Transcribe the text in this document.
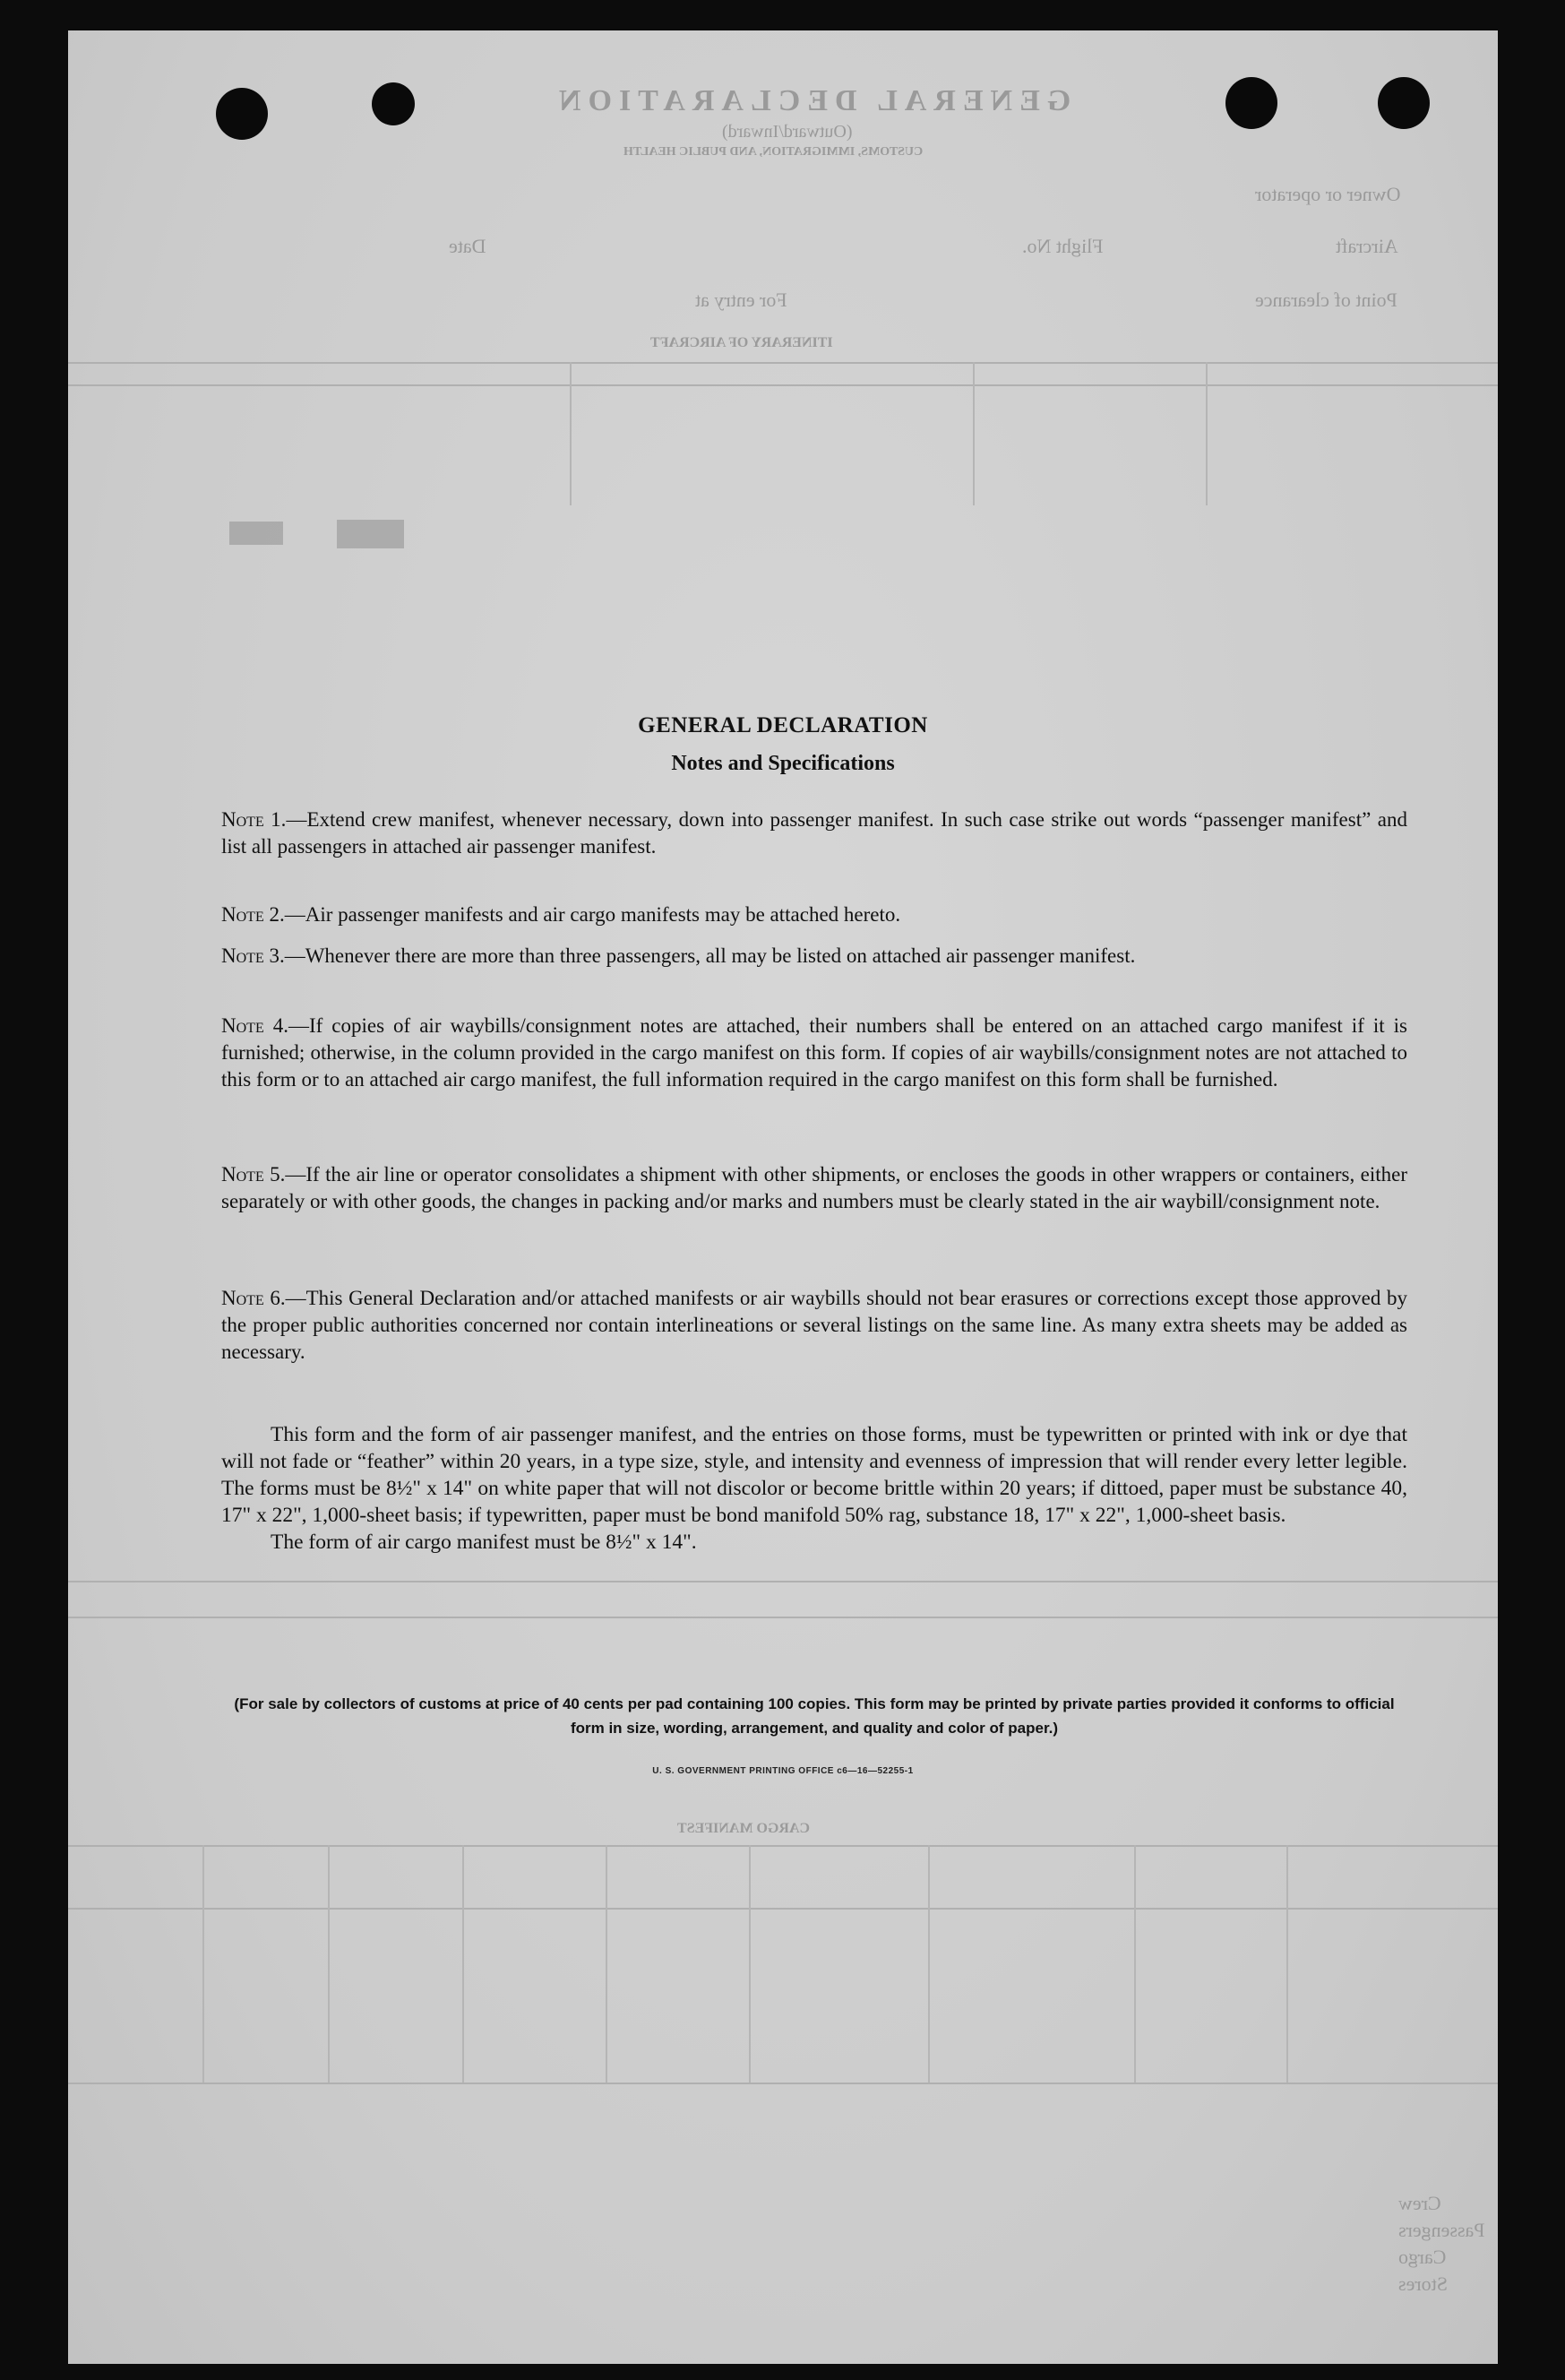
GENERAL DECLARATION
(Outward/Inward)
CUSTOMS, IMMIGRATION, AND PUBLIC HEALTH
Owner or operator
Aircraft
Flight No.
Date
Point of clearance
For entry at
ITINERARY OF AIRCRAFT
CARGO MANIFEST
Crew
Passengers
Cargo
Stores
GENERAL DECLARATION
Notes and Specifications
Note 1.—Extend crew manifest, whenever necessary, down into passenger manifest. In such case strike out words “passenger manifest” and list all passengers in attached air passenger manifest.
Note 2.—Air passenger manifests and air cargo manifests may be attached hereto.
Note 3.—Whenever there are more than three passengers, all may be listed on attached air passenger manifest.
Note 4.—If copies of air waybills/consignment notes are attached, their numbers shall be entered on an attached cargo manifest if it is furnished; otherwise, in the column provided in the cargo manifest on this form. If copies of air waybills/consignment notes are not attached to this form or to an attached air cargo manifest, the full information required in the cargo manifest on this form shall be furnished.
Note 5.—If the air line or operator consolidates a shipment with other shipments, or encloses the goods in other wrappers or containers, either separately or with other goods, the changes in packing and/or marks and numbers must be clearly stated in the air waybill/consignment note.
Note 6.—This General Declaration and/or attached manifests or air waybills should not bear erasures or corrections except those approved by the proper public authorities concerned nor contain interlineations or several listings on the same line. As many extra sheets may be added as necessary.

This form and the form of air passenger manifest, and the entries on those forms, must be typewritten or printed with ink or dye that will not fade or “feather” within 20 years, in a type size, style, and intensity and evenness of impression that will render every letter legible. The forms must be 8½" x 14" on white paper that will not discolor or become brittle within 20 years; if dittoed, paper must be substance 40, 17" x 22", 1,000-sheet basis; if typewritten, paper must be bond manifold 50% rag, substance 18, 17" x 22", 1,000-sheet basis.

The form of air cargo manifest must be 8½" x 14".

(For sale by collectors of customs at price of 40 cents per pad containing 100 copies. This form may be printed by private parties provided it conforms to official form in size, wording, arrangement, and quality and color of paper.)
U. S. GOVERNMENT PRINTING OFFICE c6—16—52255-1
